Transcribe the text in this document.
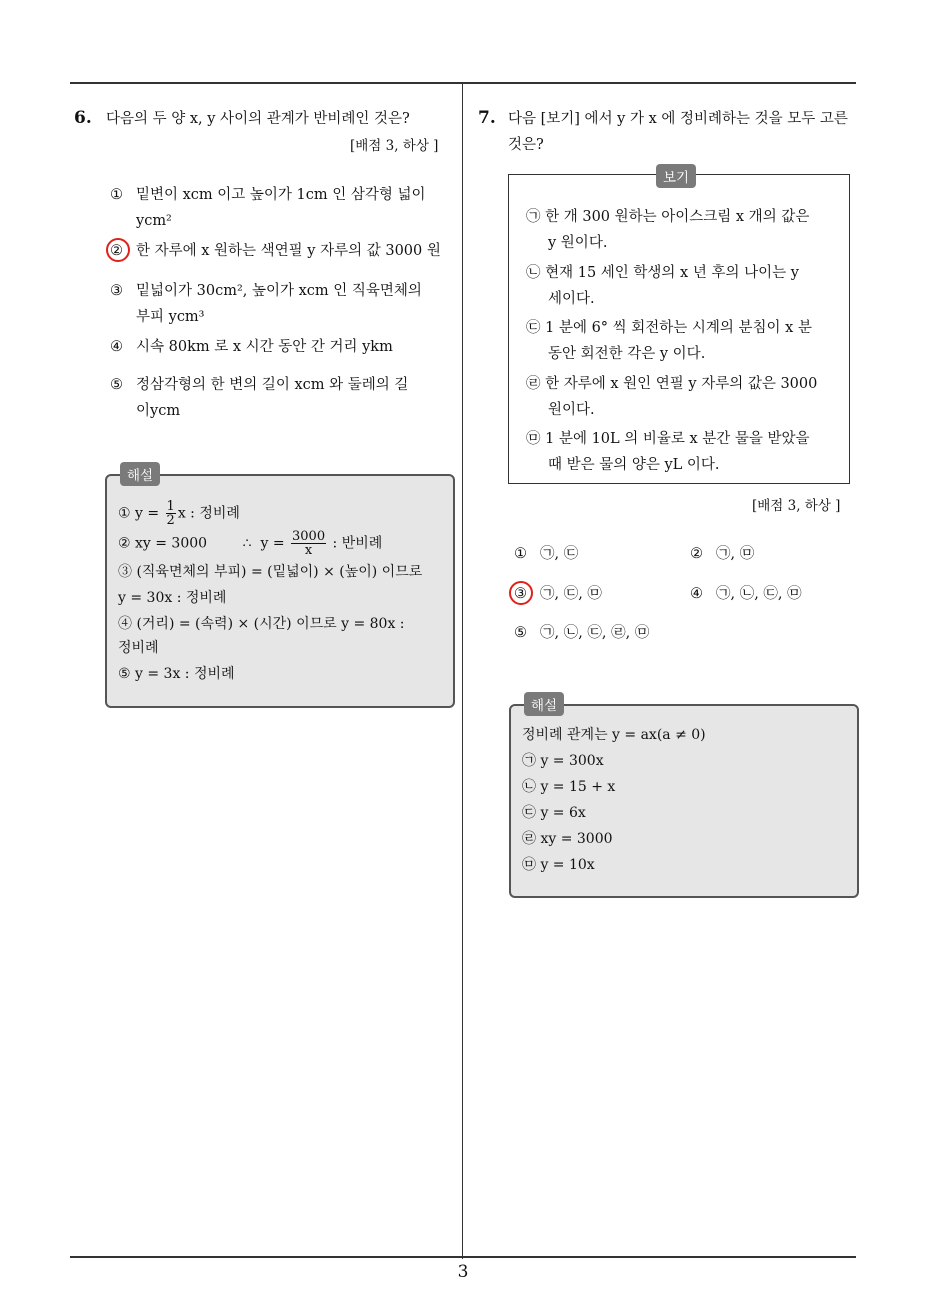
6. 다음의 두 양 x, y 사이의 관계가 반비례인 것은?
[배점 3, 하상 ]
① 밑변이 xcm 이고 높이가 1cm 인 삼각형 넓이
ycm²
② 한 자루에 x 원하는 색연필 y 자루의 값 3000 원
③ 밑넓이가 30cm², 높이가 xcm 인 직육면체의
부피 ycm³
④ 시속 80km 로 x 시간 동안 간 거리 ykm
⑤ 정삼각형의 한 변의 길이 xcm 와 둘레의 길
이ycm
해설
① $y = \frac{1}{2}$ x : 정비례
② xy = 3000        ∴  $y = \frac{3000}{x}$ : 반비례
③ (직육면체의 부피) = (밑넓이) × (높이) 이므로
y = 30x : 정비례
④ (거리) = (속력) × (시간) 이므로 y = 80x :
정비례
⑤ y = 3x : 정비례
7. 다음 [보기] 에서 y 가 x 에 정비례하는 것을 모두 고른
것은?
보기
㉠ 한 개 300 원하는 아이스크림 x 개의 값은
y 원이다.
㉡ 현재 15 세인 학생의 x 년 후의 나이는 y
세이다.
㉢ 1 분에 6° 씩 회전하는 시계의 분침이 x 분
동안 회전한 각은 y 이다.
㉣ 한 자루에 x 원인 연필 y 자루의 값은 3000
원이다.
㉤ 1 분에 10L 의 비율로 x 분간 물을 받았을
때 받은 물의 양은 yL 이다.
[배점 3, 하상 ]
① ㉠, ㉢	② ㉠, ㉤
③ ㉠, ㉢, ㉤	④ ㉠, ㉡, ㉢, ㉤
⑤ ㉠, ㉡, ㉢, ㉣, ㉤
해설
정비례 관계는 y = ax(a ≠ 0)
㉠ y = 300x
㉡ y = 15 + x
㉢ y = 6x
㉣ xy = 3000
㉤ y = 10x
3
